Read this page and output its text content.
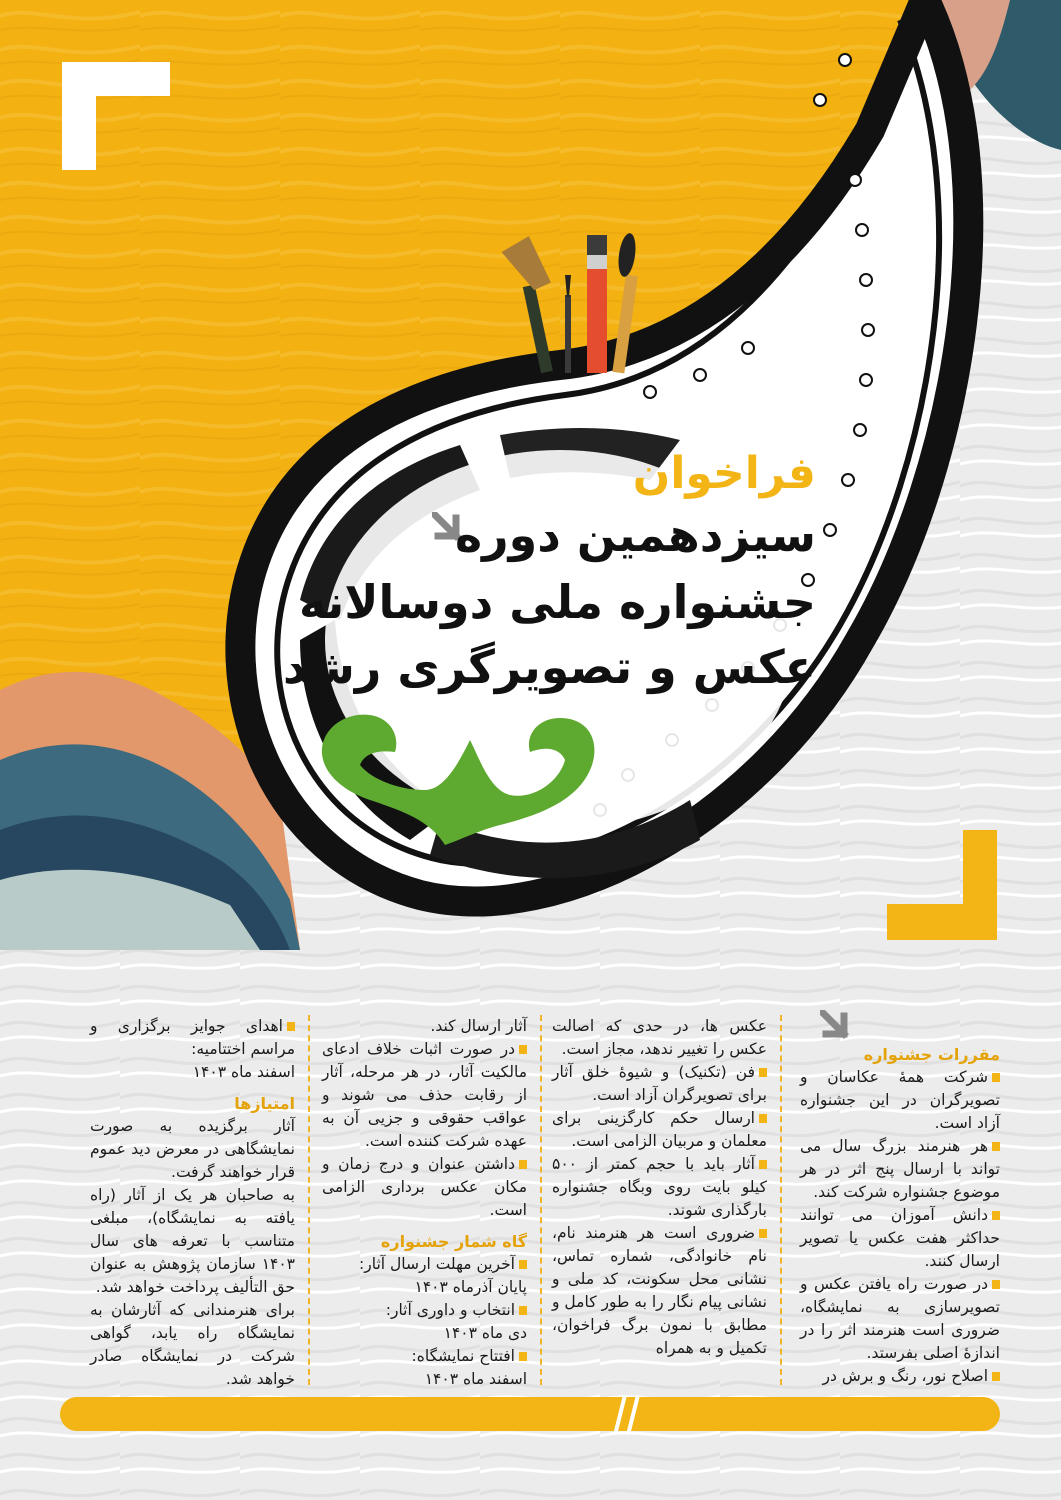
فراخوان
سیزدهمین دوره
جشنواره ملی دوسالانه
عکس و تصویرگری رشد

مقررات جشنواره

شرکت همهٔ عکاسان و تصویرگران در این جشنواره آزاد است.

هر هنرمند بزرگ سال می تواند با ارسال پنج اثر در هر موضوع جشنواره شرکت کند.

دانش آموزان می توانند حداکثر هفت عکس یا تصویر ارسال کنند.

در صورت راه یافتن عکس و تصویرسازی به نمایشگاه، ضروری است هنرمند اثر را در اندازهٔ اصلی بفرستد.

اصلاح نور، رنگ و برش در

عکس ها، در حدی که اصالت عکس را تغییر ندهد، مجاز است.

فن (تکنیک) و شیوهٔ خلق آثار برای تصویرگران آزاد است.

ارسال حکم کارگزینی برای معلمان و مربیان الزامی است.

آثار باید با حجم کمتر از ۵۰۰ کیلو بایت روی وبگاه جشنواره بارگذاری شوند.

ضروری است هر هنرمند نام، نام خانوادگی، شماره تماس، نشانی محل سکونت، کد ملی و نشانی پیام نگار را به طور کامل و مطابق با نمون برگ فراخوان، تکمیل و به همراه

آثار ارسال کند.

در صورت اثبات خلاف ادعای مالکیت آثار، در هر مرحله، آثار از رقابت حذف می شوند و عواقب حقوقی و جزیی آن به عهده شرکت کننده است.

داشتن عنوان و درج زمان و مکان عکس برداری الزامی است.

گاه شمار جشنواره

آخرین مهلت ارسال آثار:

پایان آذرماه ۱۴۰۳

انتخاب و داوری آثار:

دی ماه ۱۴۰۳

افتتاح نمایشگاه:

اسفند ماه ۱۴۰۳

اهدای جوایز برگزاری و مراسم اختتامیه:

اسفند ماه ۱۴۰۳

امتیازها

آثار برگزیده به صورت نمایشگاهی در معرض دید عموم قرار خواهند گرفت.

به صاحبان هر یک از آثار (راه یافته به نمایشگاه)، مبلغی متناسب با تعرفه های سال ۱۴۰۳ سازمان پژوهش به عنوان حق التألیف پرداخت خواهد شد.

برای هنرمندانی که آثارشان به نمایشگاه راه یابد، گواهی شرکت در نمایشگاه صادر خواهد شد.
